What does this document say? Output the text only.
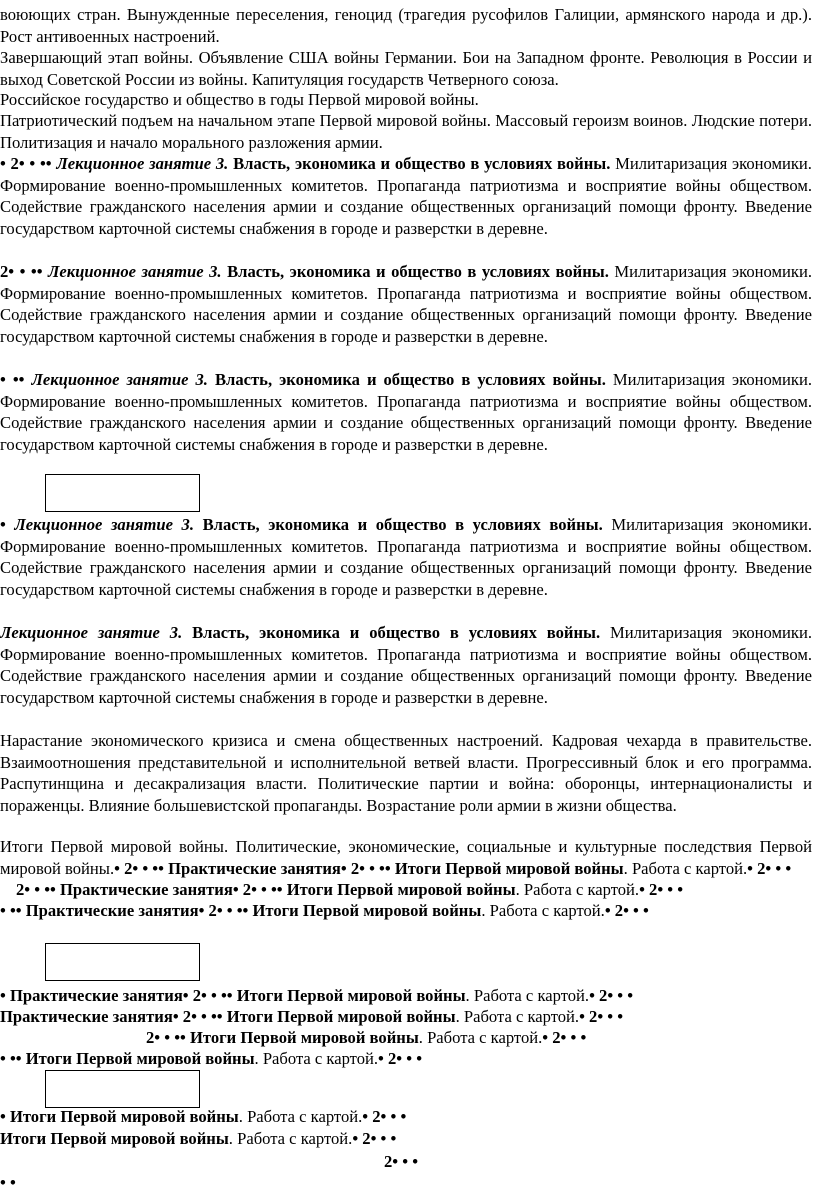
воюющих стран. Вынужденные переселения, геноцид (трагедия русофилов Галиции, армянского народа и др.). Рост антивоенных настроений.
Завершающий этап войны. Объявление США войны Германии. Бои на Западном фронте. Революция в России и выход Советской России из войны. Капитуляция государств Четверного союза.
Российское государство и общество в годы Первой мировой войны.
Патриотический подъем на начальном этапе Первой мировой войны. Массовый героизм воинов. Людские потери. Политизация и начало морального разложения армии.
• 2• • •• Лекционное занятие 3. Власть, экономика и общество в условиях войны. Милитаризация экономики. Формирование военно-промышленных комитетов. Пропаганда патриотизма и восприятие войны обществом. Содействие гражданского населения армии и создание общественных организаций помощи фронту. Введение государством карточной системы снабжения в городе и разверстки в деревне.
2• • •• Лекционное занятие 3. Власть, экономика и общество в условиях войны. Милитаризация экономики. Формирование военно-промышленных комитетов. Пропаганда патриотизма и восприятие войны обществом. Содействие гражданского населения армии и создание общественных организаций помощи фронту. Введение государством карточной системы снабжения в городе и разверстки в деревне.
• •• Лекционное занятие 3. Власть, экономика и общество в условиях войны. Милитаризация экономики. Формирование военно-промышленных комитетов. Пропаганда патриотизма и восприятие войны обществом. Содействие гражданского населения армии и создание общественных организаций помощи фронту. Введение государством карточной системы снабжения в городе и разверстки в деревне.
• Лекционное занятие 3. Власть, экономика и общество в условиях войны. Милитаризация экономики. Формирование военно-промышленных комитетов. Пропаганда патриотизма и восприятие войны обществом. Содействие гражданского населения армии и создание общественных организаций помощи фронту. Введение государством карточной системы снабжения в городе и разверстки в деревне.
Лекционное занятие 3. Власть, экономика и общество в условиях войны. Милитаризация экономики. Формирование военно-промышленных комитетов. Пропаганда патриотизма и восприятие войны обществом. Содействие гражданского населения армии и создание общественных организаций помощи фронту. Введение государством карточной системы снабжения в городе и разверстки в деревне.
Нарастание экономического кризиса и смена общественных настроений. Кадровая чехарда в правительстве. Взаимоотношения представительной и исполнительной ветвей власти. Прогрессивный блок и его программа. Распутинщина и десакрализация власти. Политические партии и война: оборонцы, интернационалисты и пораженцы. Влияние большевистской пропаганды. Возрастание роли армии в жизни общества.
Итоги Первой мировой войны. Политические, экономические, социальные и культурные последствия Первой мировой войны.• 2• • •• Практические занятия• 2• • •• Итоги Первой мировой войны. Работа с картой.• 2• • •
2• • •• Практические занятия• 2• • •• Итоги Первой мировой войны. Работа с картой.• 2• • •
• •• Практические занятия• 2• • •• Итоги Первой мировой войны. Работа с картой.• 2• • •
• Практические занятия• 2• • •• Итоги Первой мировой войны. Работа с картой.• 2• • •
Практические занятия• 2• • •• Итоги Первой мировой войны. Работа с картой.• 2• • •
2• • •• Итоги Первой мировой войны. Работа с картой.• 2• • •
• •• Итоги Первой мировой войны. Работа с картой.• 2• • •
• Итоги Первой мировой войны. Работа с картой.• 2• • •
Итоги Первой мировой войны. Работа с картой.• 2• • •
2• • •
• •
